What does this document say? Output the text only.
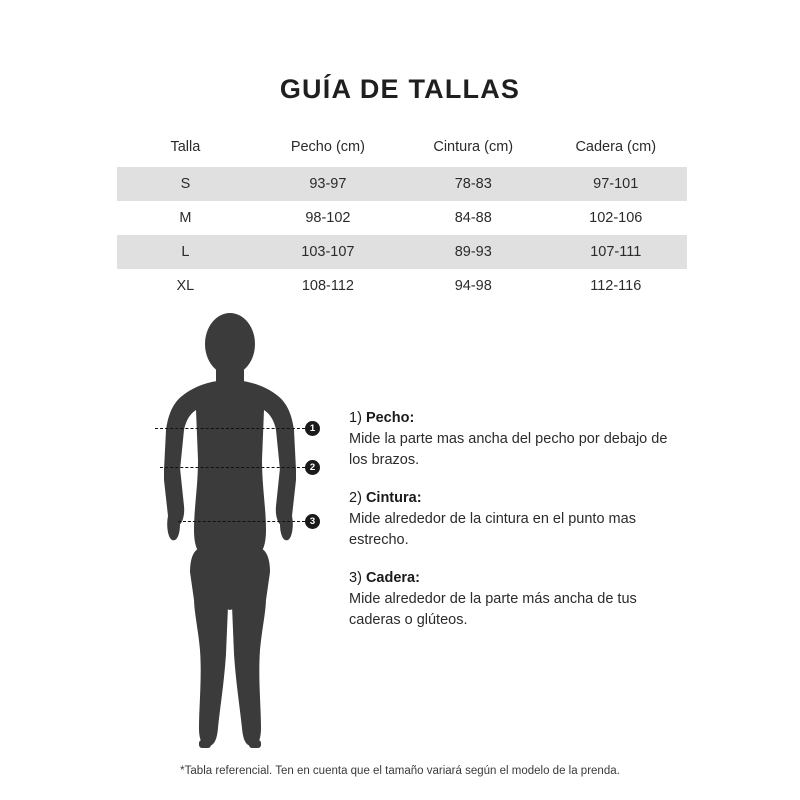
GUÍA DE TALLAS
Talla	Pecho (cm)	Cintura (cm)	Cadera (cm)
S	93-97	78-83	97-101
M	98-102	84-88	102-106
L	103-107	89-93	107-111
XL	108-112	94-98	112-116
1
2
3
1) Pecho:
Mide la parte mas ancha del pecho por debajo de los brazos.
2) Cintura:
Mide alrededor de la cintura en el punto mas estrecho.
3) Cadera:
Mide alrededor de la parte más ancha de tus caderas o glúteos.
*Tabla referencial. Ten en cuenta que el tamaño variará según el modelo de la prenda.
